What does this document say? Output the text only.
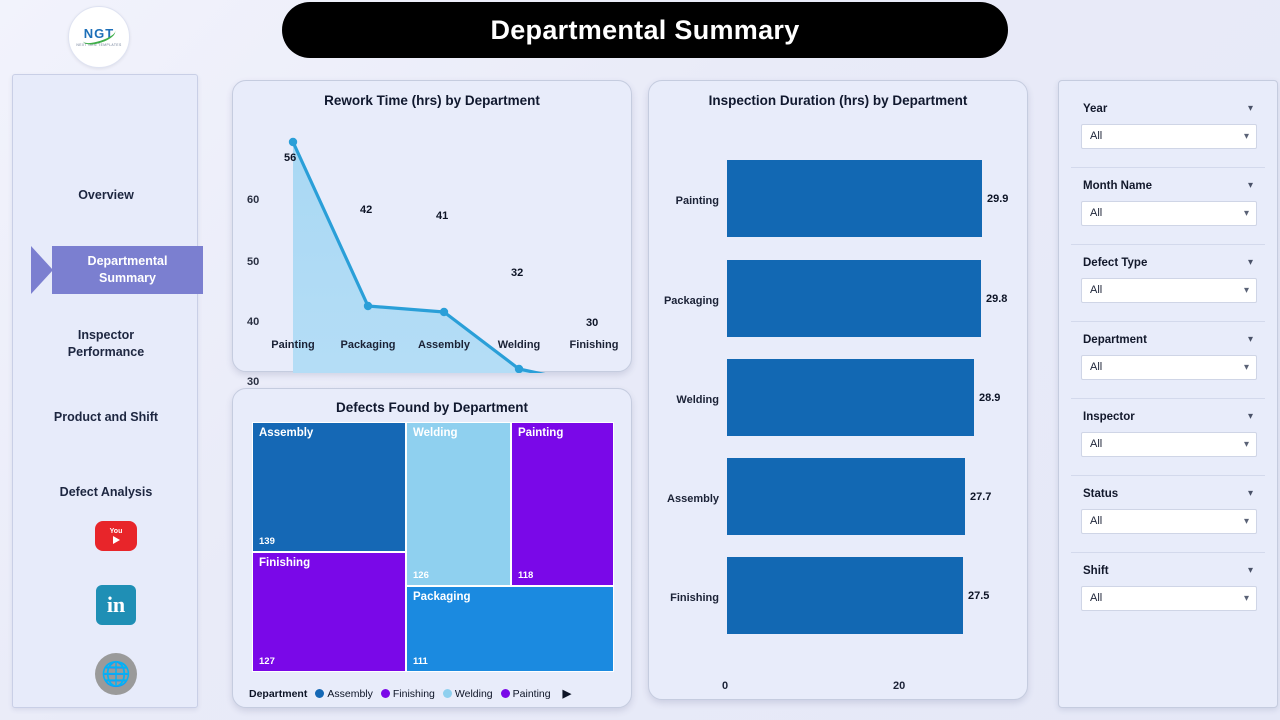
NGT
NEXT GEN TEMPLATES
Departmental Summary
Overview
Departmental
Summary
Inspector
Performance
Product and Shift
Defect Analysis
You
in
🌐
Rework Time (hrs) by Department
60
50
40
30
56
42	41
32
30
Painting	Packaging	Assembly	Welding	Finishing
Defects Found by Department
Assembly
139
Finishing
127
Welding
126
Painting
118
Packaging
111
Department Assembly Finishing Welding Painting ▶
Inspection Duration (hrs) by Department
Painting	29.9
Packaging	29.8
Welding	28.9
Assembly	27.7
Finishing	27.5
0	20
Year	▾
All	▾
Month Name	▾
All	▾
Defect Type	▾
All	▾
Department	▾
All	▾
Inspector	▾
All	▾
Status	▾
All	▾
Shift	▾
All	▾
